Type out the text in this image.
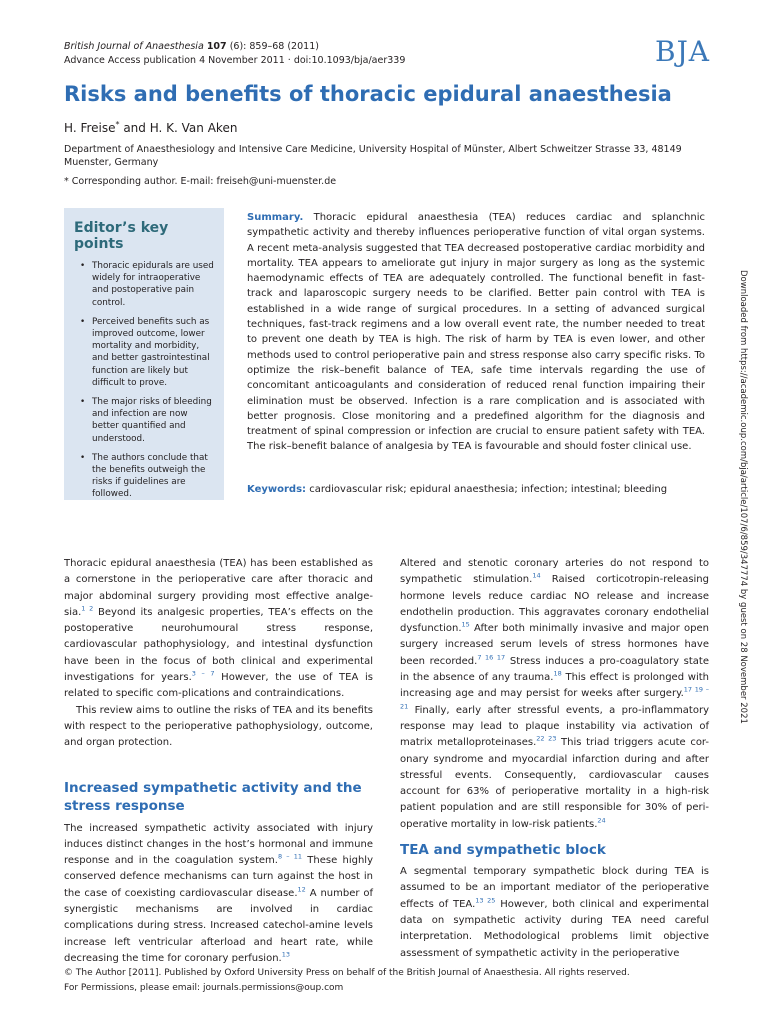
British Journal of Anaesthesia 107 (6): 859–68 (2011)
Advance Access publication 4 November 2011 · doi:10.1093/bja/aer339	BJA
Risks and benefits of thoracic epidural anaesthesia
H. Freise* and H. K. Van Aken
Department of Anaesthesiology and Intensive Care Medicine, University Hospital of Münster, Albert Schweitzer Strasse 33, 48149 Muenster, Germany
* Corresponding author. E-mail: freiseh@uni-muenster.de
Editor’s key points
• Thoracic epidurals are used widely for intraoperative and postoperative pain control.
• Perceived benefits such as improved outcome, lower mortality and morbidity, and better gastrointestinal function are likely but difficult to prove.
• The major risks of bleeding and infection are now better quantified and understood.
• The authors conclude that the benefits outweigh the risks if guidelines are followed.

Summary. Thoracic epidural anaesthesia (TEA) reduces cardiac and splanchnic sympathetic activity and thereby influences perioperative function of vital organ systems. A recent meta-analysis suggested that TEA decreased postoperative cardiac morbidity and mortality. TEA appears to ameliorate gut injury in major surgery as long as the systemic haemodynamic effects of TEA are adequately controlled. The functional benefit in fast-track and laparoscopic surgery needs to be clarified. Better pain control with TEA is established in a wide range of surgical procedures. In a setting of advanced surgical techniques, fast-track regimens and a low overall event rate, the number needed to treat to prevent one death by TEA is high. The risk of harm by TEA is even lower, and other methods used to control perioperative pain and stress response also carry specific risks. To optimize the risk–benefit balance of TEA, safe time intervals regarding the use of concomitant anticoagulants and consideration of reduced renal function impairing their elimination must be observed. Infection is a rare complication and is associated with better prognosis. Close monitoring and a predefined algorithm for the diagnosis and treatment of spinal compression or infection are crucial to ensure patient safety with TEA. The risk–benefit balance of analgesia by TEA is favourable and should foster clinical use.

Keywords: cardiovascular risk; epidural anaesthesia; infection; intestinal; bleeding	Downloaded from https://academic.oup.com/bja/article/107/6/859/347774 by guest on 28 November 2021

Thoracic epidural anaesthesia (TEA) has been established as a cornerstone in the perioperative care after thoracic and major abdominal surgery providing most effective analge-sia.$^{1 2}$ Beyond its analgesic properties, TEA’s effects on the postoperative neurohumoural stress response, cardiovascular pathophysiology, and intestinal dysfunction have been in the focus of both clinical and experimental investigations for years.$^{3 - 7}$ However, the use of TEA is related to specific com-plications and contraindications.

This review aims to outline the risks of TEA and its benefits with respect to the perioperative pathophysiology, outcome, and organ protection.

Increased sympathetic activity and the stress response

The increased sympathetic activity associated with injury induces distinct changes in the host’s hormonal and immune response and in the coagulation system.$^{8 - 11}$ These highly conserved defence mechanisms can turn against the host in the case of coexisting cardiovascular disease.$^{12}$ A number of synergistic mechanisms are involved in cardiac complications during stress. Increased catechol-amine levels increase left ventricular afterload and heart rate, while decreasing the time for coronary perfusion.$^{13}$

Altered and stenotic coronary arteries do not respond to sympathetic stimulation.$^{14}$ Raised corticotropin-releasing hormone levels reduce cardiac NO release and increase endothelin production. This aggravates coronary endothelial dysfunction.$^{15}$ After both minimally invasive and major open surgery increased serum levels of stress hormones have been recorded.$^{7 16 17}$ Stress induces a pro-coagulatory state in the absence of any trauma.$^{18}$ This effect is prolonged with increasing age and may persist for weeks after surgery.$^{17 19 - 21}$ Finally, early after stressful events, a pro-inflammatory response may lead to plaque instability via activation of matrix metalloproteinases.$^{22 23}$ This triad triggers acute cor-onary syndrome and myocardial infarction during and after stressful events. Consequently, cardiovascular causes account for 63% of perioperative mortality in a high-risk patient population and are still responsible for 30% of peri-operative mortality in low-risk patients.$^{24}$

TEA and sympathetic block

A segmental temporary sympathetic block during TEA is assumed to be an important mediator of the perioperative effects of TEA.$^{13 25}$ However, both clinical and experimental data on sympathetic activity during TEA need careful interpretation. Methodological problems limit objective assessment of sympathetic activity in the perioperative

© The Author [2011]. Published by Oxford University Press on behalf of the British Journal of Anaesthesia. All rights reserved.
For Permissions, please email: journals.permissions@oup.com
